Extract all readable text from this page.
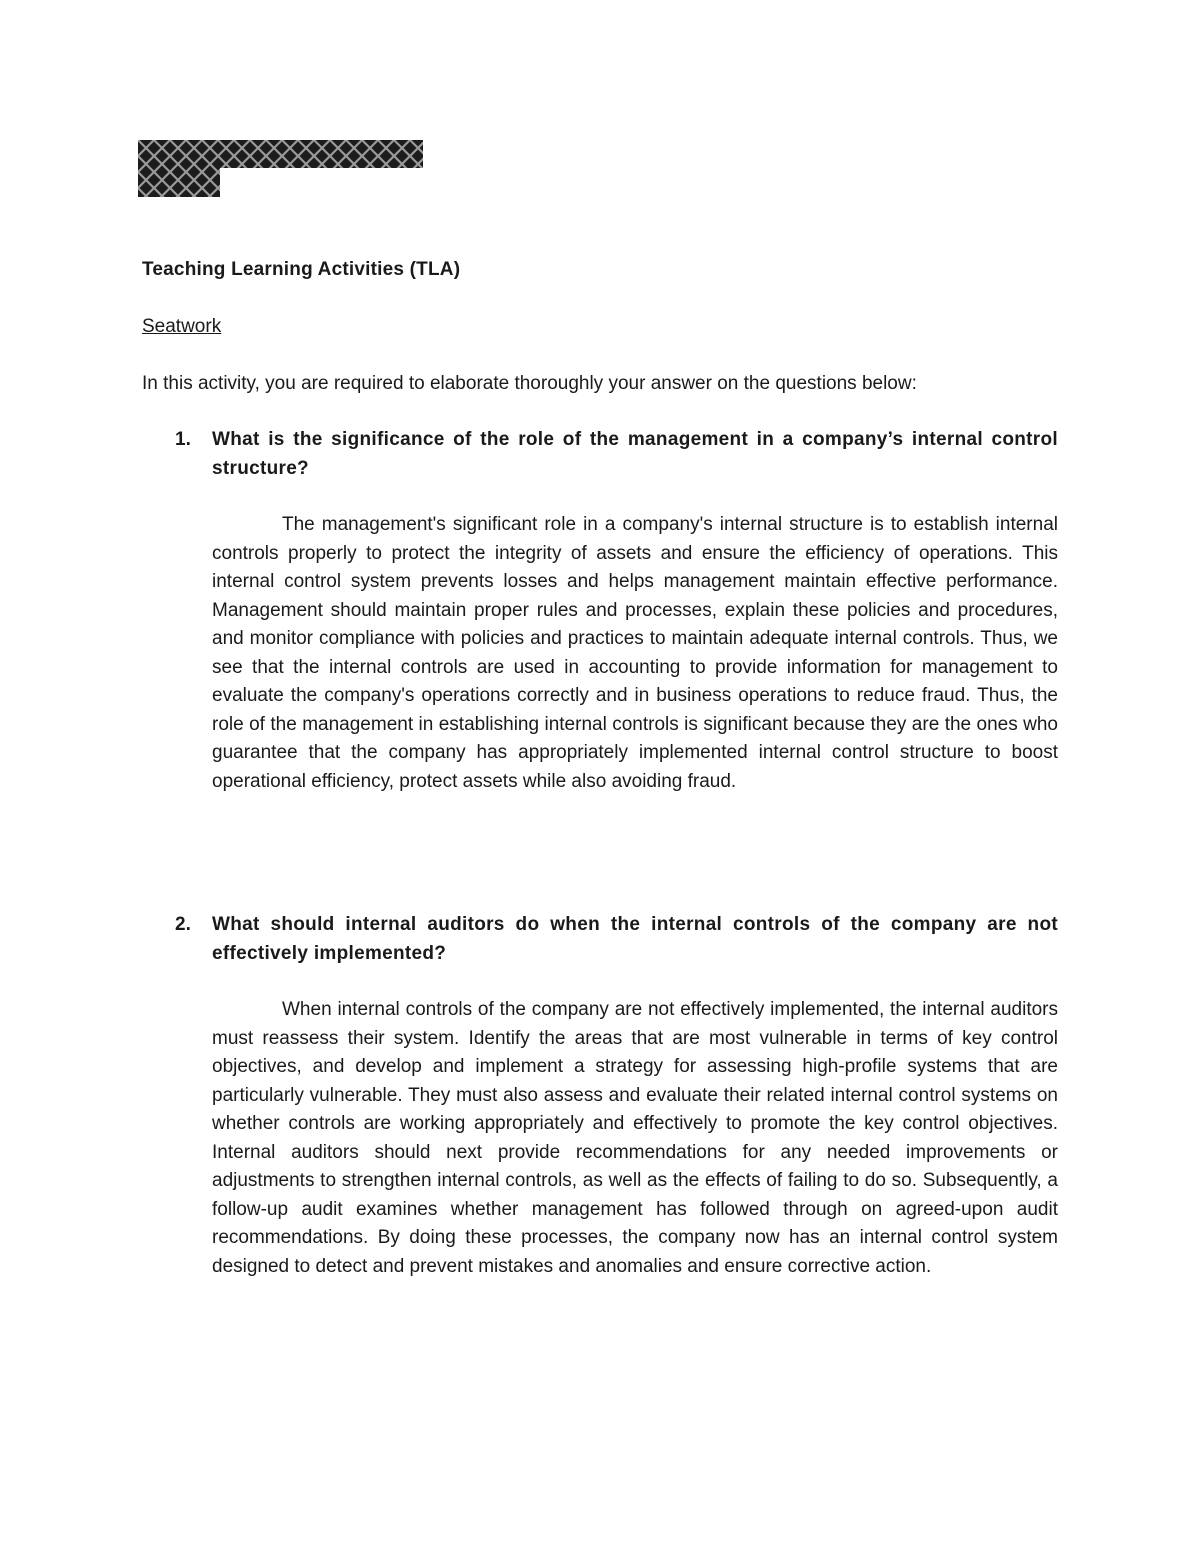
Teaching Learning Activities (TLA)

Seatwork

In this activity, you are required to elaborate thoroughly your answer on the questions below:

1. What is the significance of the role of the management in a company’s internal control structure?

The management's significant role in a company's internal structure is to establish internal controls properly to protect the integrity of assets and ensure the efficiency of operations. This internal control system prevents losses and helps management maintain effective performance. Management should maintain proper rules and processes, explain these policies and procedures, and monitor compliance with policies and practices to maintain adequate internal controls. Thus, we see that the internal controls are used in accounting to provide information for management to evaluate the company's operations correctly and in business operations to reduce fraud. Thus, the role of the management in establishing internal controls is significant because they are the ones who guarantee that the company has appropriately implemented internal control structure to boost operational efficiency, protect assets while also avoiding fraud.

2. What should internal auditors do when the internal controls of the company are not effectively implemented?

When internal controls of the company are not effectively implemented, the internal auditors must reassess their system. Identify the areas that are most vulnerable in terms of key control objectives, and develop and implement a strategy for assessing high-profile systems that are particularly vulnerable. They must also assess and evaluate their related internal control systems on whether controls are working appropriately and effectively to promote the key control objectives. Internal auditors should next provide recommendations for any needed improvements or adjustments to strengthen internal controls, as well as the effects of failing to do so. Subsequently, a follow-up audit examines whether management has followed through on agreed-upon audit recommendations. By doing these processes, the company now has an internal control system designed to detect and prevent mistakes and anomalies and ensure corrective action.
